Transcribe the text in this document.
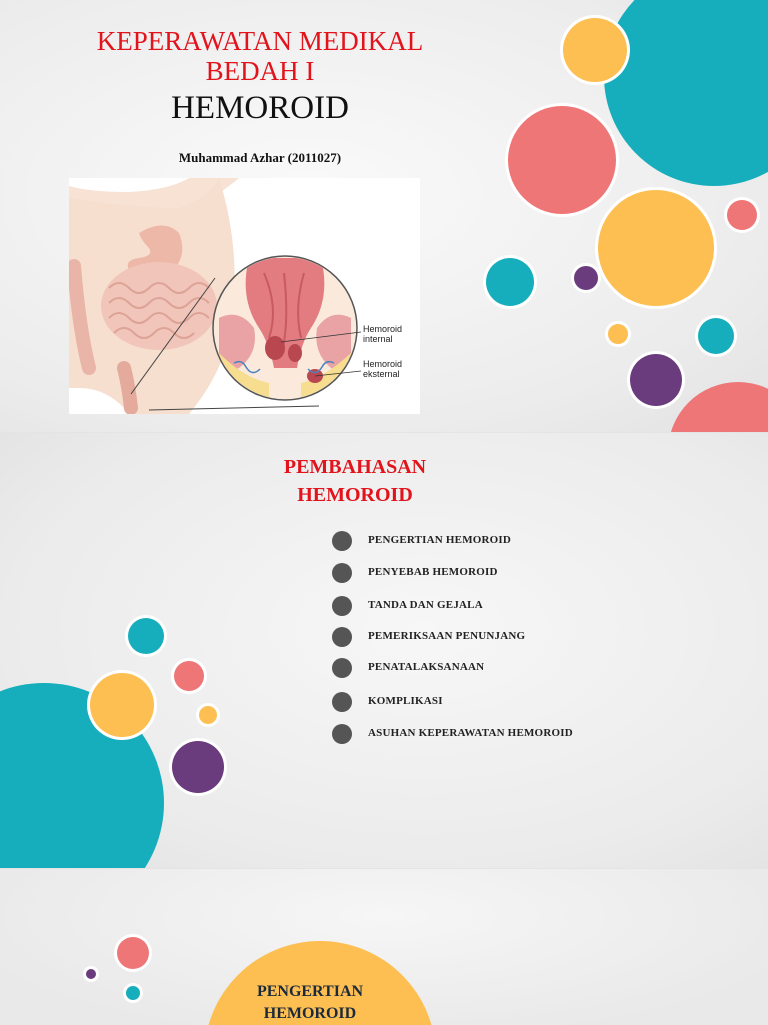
KEPERAWATAN MEDIKAL
BEDAH I
HEMOROID
Muhammad Azhar (2011027)
Hemoroid
internal
Hemoroid
eksternal
PEMBAHASAN
HEMOROID
PENGERTIAN HEMOROID
PENYEBAB HEMOROID
TANDA DAN GEJALA
PEMERIKSAAN PENUNJANG
PENATALAKSANAAN
KOMPLIKASI
ASUHAN KEPERAWATAN HEMOROID
PENGERTIAN
HEMOROID
